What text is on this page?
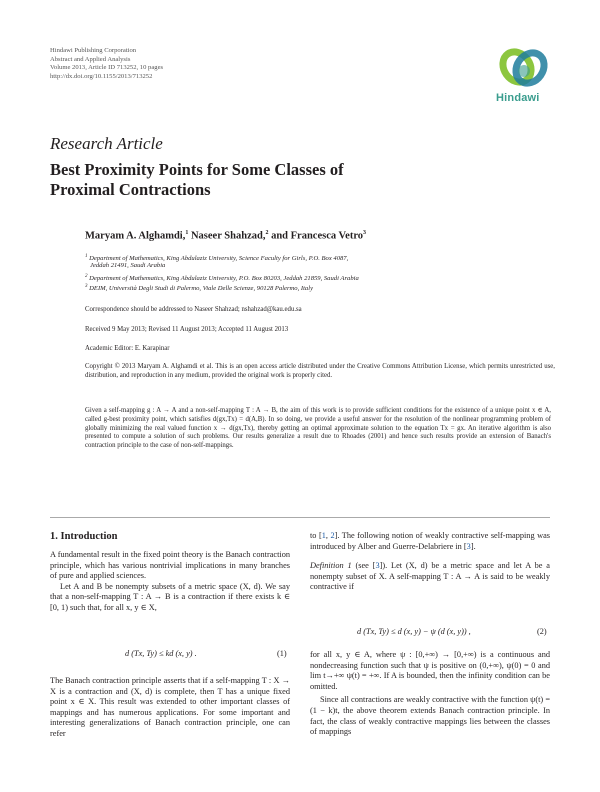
Hindawi Publishing Corporation
Abstract and Applied Analysis
Volume 2013, Article ID 713252, 10 pages
http://dx.doi.org/10.1155/2013/713252
Hindawi
Research Article
Best Proximity Points for Some Classes of
Proximal Contractions
Maryam A. Alghamdi,$^1$ Naseer Shahzad,$^2$ and Francesca Vetro$^3$
$^1$ Department of Mathematics, King Abdulaziz University, Science Faculty for Girls, P.O. Box 4087,
Jeddah 21491, Saudi Arabia
$^2$ Department of Mathematics, King Abdulaziz University, P.O. Box 80203, Jeddah 21859, Saudi Arabia
$^3$ DEIM, Università Degli Studi di Palermo, Viale Delle Scienze, 90128 Palermo, Italy
Correspondence should be addressed to Naseer Shahzad; nshahzad@kau.edu.sa
Received 9 May 2013; Revised 11 August 2013; Accepted 11 August 2013
Academic Editor: E. Karapinar
Copyright © 2013 Maryam A. Alghamdi et al. This is an open access article distributed under the Creative Commons Attribution License, which permits unrestricted use, distribution, and reproduction in any medium, provided the original work is properly cited.
Given a self-mapping g : A → A and a non-self-mapping T : A → B, the aim of this work is to provide sufficient conditions for the existence of a unique point x ∈ A, called g-best proximity point, which satisfies d(gx,Tx) = d(A,B). In so doing, we provide a useful answer for the resolution of the nonlinear programming problem of globally minimizing the real valued function x → d(gx,Tx), thereby getting an optimal approximate solution to the equation Tx = gx. An iterative algorithm is also presented to compute a solution of such problems. Our results generalize a result due to Rhoades (2001) and hence such results provide an extension of Banach's contraction principle to the case of non-self-mappings.
1. Introduction

A fundamental result in the fixed point theory is the Banach contraction principle, which has various nontrivial implications in many branches of pure and applied sciences.

Let A and B be nonempty subsets of a metric space (X, d). We say that a non-self-mapping T : A → B is a contraction if there exists k ∈ [0, 1) such that, for all x, y ∈ X,

d (Tx, Ty) ≤ kd (x, y) .	(1)
The Banach contraction principle asserts that if a self-mapping T : X → X is a contraction and (X, d) is complete, then T has a unique fixed point x ∈ X. This result was extended to other important classes of mappings and has numerous applications. For some important and interesting generalizations of Banach contraction principle, one can refer

to [1, 2]. The following notion of weakly contractive self-mapping was introduced by Alber and Guerre-Delabriere in [3].

Definition 1 (see [3]). Let (X, d) be a metric space and let A be a nonempty subset of X. A self-mapping T : A → A is said to be weakly contractive if

d (Tx, Ty) ≤ d (x, y) − ψ (d (x, y)) ,	(2)

for all x, y ∈ A, where ψ : [0,+∞) → [0,+∞) is a continuous and nondecreasing function such that ψ is positive on (0,+∞), ψ(0) = 0 and lim t→+∞ ψ(t) = +∞. If A is bounded, then the infinity condition can be omitted.

Since all contractions are weakly contractive with the function ψ(t) = (1 − k)t, the above theorem extends Banach contraction principle. In fact, the class of weakly contractive mappings lies between the classes of mappings
